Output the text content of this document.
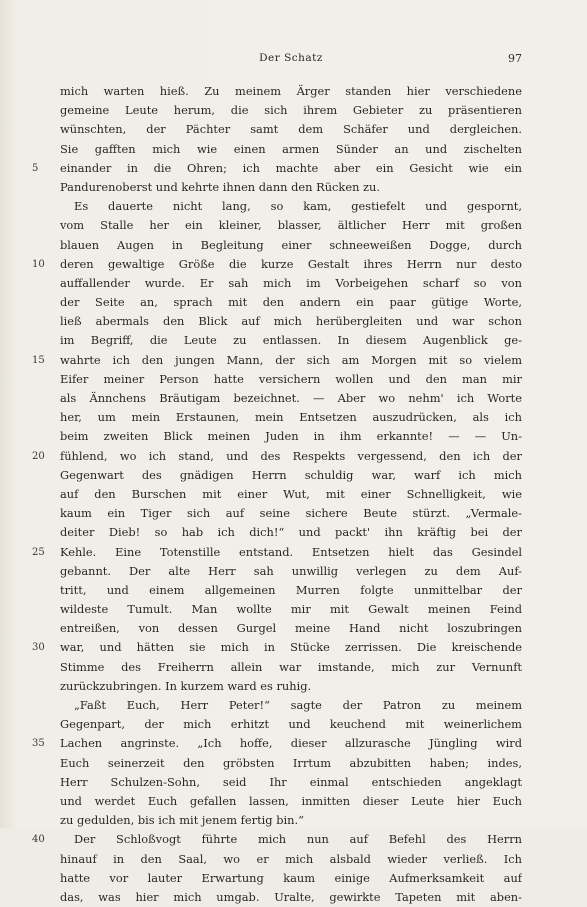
Der Schatz	97
mich warten hieß. Zu meinem Ärger standen hier verschiedene
gemeine Leute herum, die sich ihrem Gebieter zu präsentieren
wünschten, der Pächter samt dem Schäfer und dergleichen.
Sie gafften mich wie einen armen Sünder an und zischelten
5	einander in die Ohren; ich machte aber ein Gesicht wie ein
Pandurenoberst und kehrte ihnen dann den Rücken zu.
Es dauerte nicht lang, so kam, gestiefelt und gespornt,
vom Stalle her ein kleiner, blasser, ältlicher Herr mit großen
blauen Augen in Begleitung einer schneeweißen Dogge, durch
10	deren gewaltige Größe die kurze Gestalt ihres Herrn nur desto
auffallender wurde. Er sah mich im Vorbeigehen scharf so von
der Seite an, sprach mit den andern ein paar gütige Worte,
ließ abermals den Blick auf mich herübergleiten und war schon
im Begriff, die Leute zu entlassen. In diesem Augenblick ge-
15	wahrte ich den jungen Mann, der sich am Morgen mit so vielem
Eifer meiner Person hatte versichern wollen und den man mir
als Ännchens Bräutigam bezeichnet. — Aber wo nehm' ich Worte
her, um mein Erstaunen, mein Entsetzen auszudrücken, als ich
beim zweiten Blick meinen Juden in ihm erkannte! — — Un-
20	fühlend, wo ich stand, und des Respekts vergessend, den ich der
Gegenwart des gnädigen Herrn schuldig war, warf ich mich
auf den Burschen mit einer Wut, mit einer Schnelligkeit, wie
kaum ein Tiger sich auf seine sichere Beute stürzt. „Vermale-
deiter Dieb! so hab ich dich!“ und packt' ihn kräftig bei der
25	Kehle. Eine Totenstille entstand. Entsetzen hielt das Gesindel
gebannt. Der alte Herr sah unwillig verlegen zu dem Auf-
tritt, und einem allgemeinen Murren folgte unmittelbar der
wildeste Tumult. Man wollte mir mit Gewalt meinen Feind
entreißen, von dessen Gurgel meine Hand nicht loszubringen
30	war, und hätten sie mich in Stücke zerrissen. Die kreischende
Stimme des Freiherrn allein war imstande, mich zur Vernunft
zurückzubringen. In kurzem ward es ruhig.
„Faßt Euch, Herr Peter!“ sagte der Patron zu meinem
Gegenpart, der mich erhitzt und keuchend mit weinerlichem
35	Lachen angrinste. „Ich hoffe, dieser allzurasche Jüngling wird
Euch seinerzeit den gröbsten Irrtum abzubitten haben; indes,
Herr Schulzen-Sohn, seid Ihr einmal entschieden angeklagt
und werdet Euch gefallen lassen, inmitten dieser Leute hier Euch
zu gedulden, bis ich mit jenem fertig bin.“
40	Der Schloßvogt führte mich nun auf Befehl des Herrn
hinauf in den Saal, wo er mich alsbald wieder verließ. Ich
hatte vor lauter Erwartung kaum einige Aufmerksamkeit auf
das, was hier mich umgab. Uralte, gewirkte Tapeten mit aben-
